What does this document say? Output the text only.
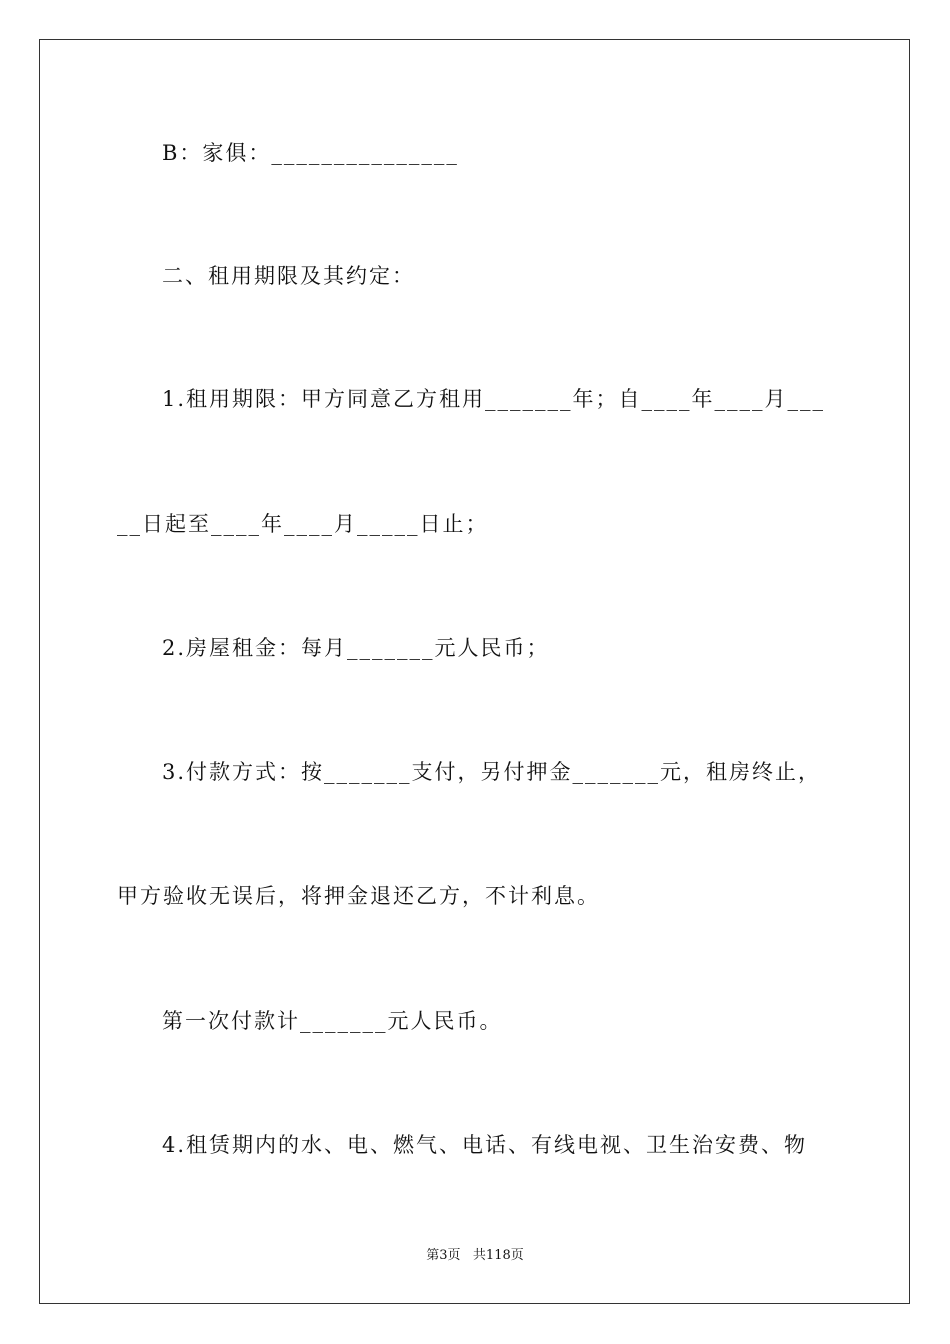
B：家俱：_______________
二、租用期限及其约定：
1.租用期限：甲方同意乙方租用_______年；自____年____月___
__日起至____年____月_____日止；
2.房屋租金：每月_______元人民币；
3.付款方式：按_______支付，另付押金_______元，租房终止，
甲方验收无误后，将押金退还乙方，不计利息。
第一次付款计_______元人民币。
4.租赁期内的水、电、燃气、电话、有线电视、卫生治安费、物
第3页   共118页
